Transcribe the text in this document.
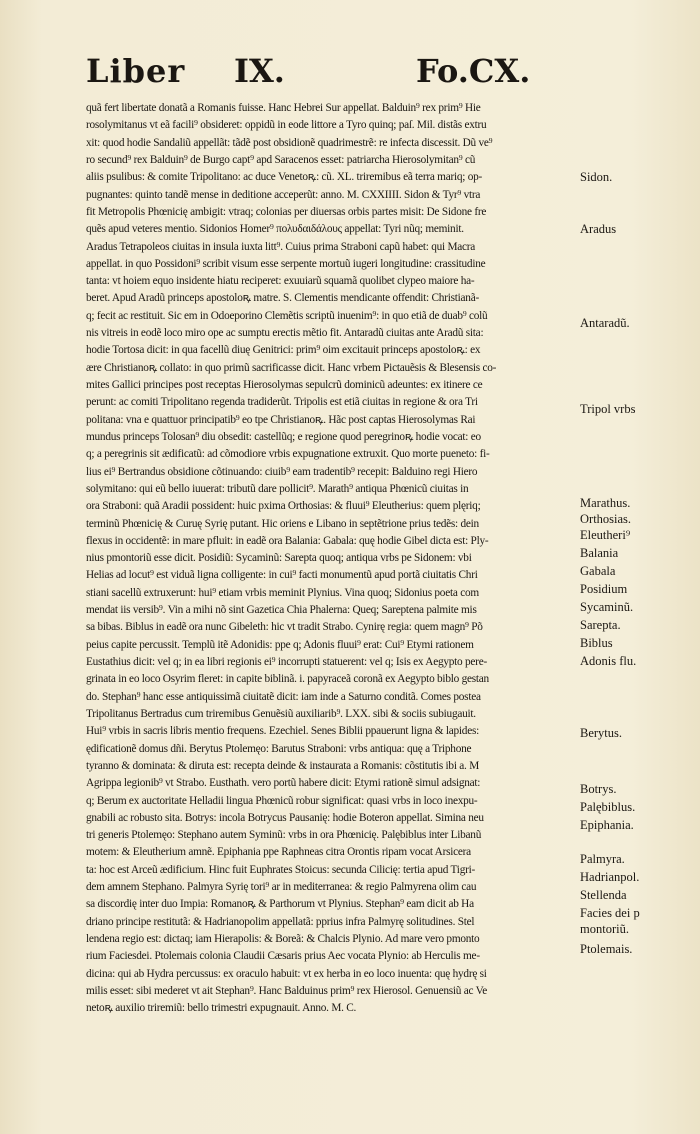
Liber IX.	Fo.CX.
quã fert libertate donatã a Romanis fuisse. Hanc Hebrei Sur appellat. Balduin⁹ rex prim⁹ Hie
rosolymitanus vt eã facili⁹ obsideret: oppidũ in eode littore a Tyro quinq; paſ. Mil. distãs extru
xit: quod hodie Sandaliũ appellãt: tãdẽ post obsidionẽ quadrimestrẽ: re infecta discessit. Dũ ve⁹
ro secund⁹ rex Balduin⁹ de Burgo capt⁹ apd Saracenos esset: patriarcha Hierosolymitan⁹ cũ
aliis psulibus: & comite Tripolitano: ac duce Venetoꝶ: cũ. XL. triremibus eã terra mariq; op-
pugnantes: quinto tandẽ mense in deditione acceperũt: anno. M. CXXIIII. Sidon & Tyr⁹ vtra
fit Metropolis Phœnicię ambigit: vtraq; colonias per diuersas orbis partes misit: De Sidone fre
quẽs apud veteres mentio. Sidonios Homer⁹ πολυδαιδάλους appellat: Tyri nũq; meminit.
Aradus Tetrapoleos ciuitas in insula iuxta litt⁹. Cuius prima Straboni capũ habet: qui Macra
appellat. in quo Possidoni⁹ scribit visum esse serpente mortuũ iugeri longitudine: crassitudine
tanta: vt hoiem equo insidente hiatu reciperet: exuuiarũ squamã quolibet clypeo maiore ha-
beret. Apud Aradũ princeps apostoloꝶ matre. S. Clementis mendicante offendit: Christianã-
q; fecit ac restituit. Sic em in Odoeporino Clemẽtis scriptũ inuenim⁹: in quo etiã de duab⁹ colũ
nis vitreis in eodẽ loco miro ope ac sumptu erectis mẽtio fit. Antaradũ ciuitas ante Aradũ sita:
hodie Tortosa dicit: in qua facellũ diuę Genitrici: prim⁹ oim excitauit princeps apostoloꝶ: ex
ære Christianoꝶ collato: in quo primũ sacrificasse dicit. Hanc vrbem Pictauẽsis & Blesensis co-
mites Gallici principes post receptas Hierosolymas sepulcrũ dominicũ adeuntes: ex itinere ce
perunt: ac comiti Tripolitano regenda tradiderũt. Tripolis est etiã ciuitas in regione & ora Tri
politana: vna e quattuor principatib⁹ eo tpe Christianoꝶ. Hãc post captas Hierosolymas Rai
mundus princeps Tolosan⁹ diu obsedit: castellũq; e regione quod peregrinoꝶ hodie vocat: eo
q; a peregrinis sit ædificatũ: ad cõmodiore vrbis expugnatione extruxit. Quo morte pueneto: fi-
lius ei⁹ Bertrandus obsidione cõtinuando: ciuib⁹ eam tradentib⁹ recepit: Balduino regi Hiero
solymitano: qui eũ bello iuuerat: tributũ dare pollicit⁹. Marath⁹ antiqua Phœnicũ ciuitas in
ora Straboni: quã Aradii possident: huic pxima Orthosias: & fluui⁹ Eleutherius: quem plęriq;
terminũ Phœnicię & Curuę Syrię putant. Hic oriens e Libano in septẽtrione prius tedẽs: dein
flexus in occidentẽ: in mare pfluit: in eadẽ ora Balania: Gabala: quę hodie Gibel dicta est: Ply-
nius pmontoriũ esse dicit. Posidiũ: Sycaminũ: Sarepta quoq; antiqua vrbs pe Sidonem: vbi
Helias ad locut⁹ est viduã ligna colligente: in cui⁹ facti monumentũ apud portã ciuitatis Chri
stiani sacellũ extruxerunt: hui⁹ etiam vrbis meminit Plynius. Vina quoq; Sidonius poeta com
mendat iis versib⁹. Vin a mihi nõ sint Gazetica Chia Phalerna: Queq; Sareptena palmite mis
sa bibas. Biblus in eadẽ ora nunc Gibeleth: hic vt tradit Strabo. Cynirę regia: quem magn⁹ Põ
peius capite percussit. Templũ itẽ Adonidis: ppe q; Adonis fluui⁹ erat: Cui⁹ Etymi rationem
Eustathius dicit: vel q; in ea libri regionis ei⁹ incorrupti statuerent: vel q; Isis ex Aegypto pere-
grinata in eo loco Osyrim fleret: in capite biblinã. i. papyraceã coronã ex Aegypto biblo gestan
do. Stephan⁹ hanc esse antiquissimã ciuitatẽ dicit: iam inde a Saturno conditã. Comes postea
Tripolitanus Bertradus cum triremibus Genuẽsiũ auxiliarib⁹. LXX. sibi & sociis subiugauit.
Hui⁹ vrbis in sacris libris mentio frequens. Ezechiel. Senes Biblii ppauerunt ligna & lapides:
ędificationẽ domus dñi. Berytus Ptolemęo: Barutus Straboni: vrbs antiqua: quę a Triphone
tyranno & dominata: & diruta est: recepta deinde & instaurata a Romanis: cõstitutis ibi a. M
Agrippa legionib⁹ vt Strabo. Eusthath. vero portũ habere dicit: Etymi rationẽ simul adsignat:
q; Berum ex auctoritate Helladii lingua Phœnicũ robur significat: quasi vrbs in loco inexpu-
gnabili ac robusto sita. Botrys: incola Botrycus Pausanię: hodie Boteron appellat. Simina neu
tri generis Ptolemęo: Stephano autem Syminũ: vrbs in ora Phœnicię. Palębiblus inter Libanũ
motem: & Eleutherium amnẽ. Epiphania ppe Raphneas citra Orontis ripam vocat Arsicera
ta: hoc est Arceũ ædificium. Hinc fuit Euphrates Stoicus: secunda Cilicię: tertia apud Tigri-
dem amnem Stephano. Palmyra Syrię tori⁹ ar in mediterranea: & regio Palmyrena olim cau
sa discordię inter duo Impia: Romanoꝶ & Parthorum vt Plynius. Stephan⁹ eam dicit ab Ha
driano principe restitutã: & Hadrianopolim appellatã: pprius infra Palmyrę solitudines. Stel
lendena regio est: dictaq; iam Hierapolis: & Boreã: & Chalcis Plynio. Ad mare vero pmonto
rium Faciesdei. Ptolemais colonia Claudii Cæsaris prius Aec vocata Plynio: ab Herculis me-
dicina: qui ab Hydra percussus: ex oraculo habuit: vt ex herba in eo loco inuenta: quę hydrę si
milis esset: sibi mederet vt ait Stephan⁹. Hanc Balduinus prim⁹ rex Hierosol. Genuensiũ ac Ve
netoꝶ auxilio triremiũ: bello trimestri expugnauit. Anno. M. C.
Sidon.
Aradus
Antaradũ.
Tripol vrbs
Marathus.
Orthosias.
Eleutheri⁹
Balania
Gabala
Posidium
Sycaminũ.
Sarepta.
Biblus
Adonis flu.
Berytus.
Botrys.
Palębiblus.
Epiphania.
Palmyra.
Hadrianpol.
Stellenda
Facies dei p
montoriũ.
Ptolemais.
